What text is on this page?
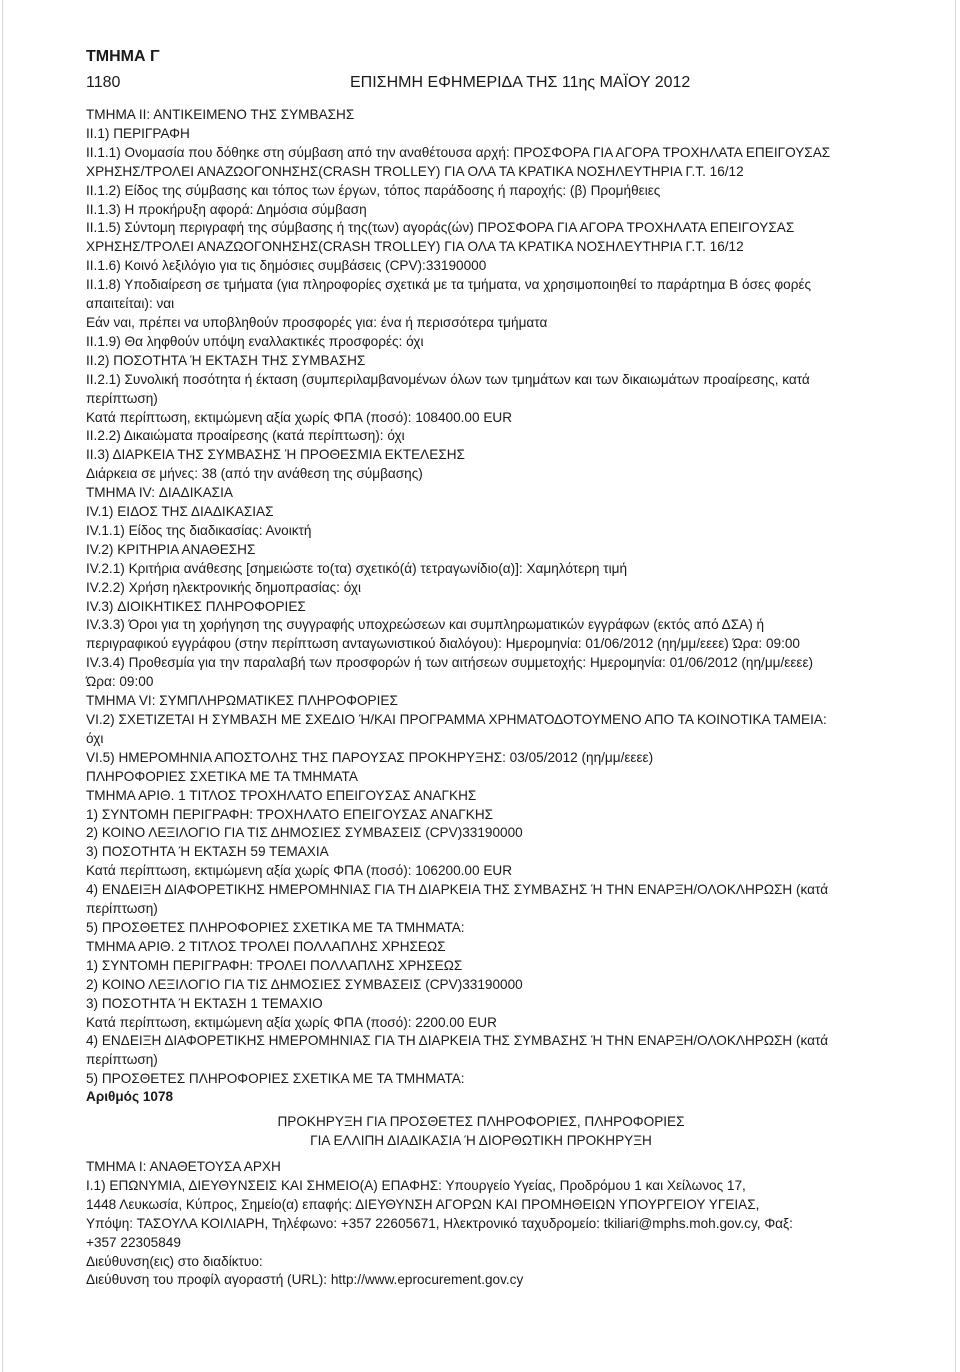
ΤΜΗΜΑ Γ
1180	ΕΠΙΣΗΜΗ ΕΦΗΜΕΡΙΔΑ ΤΗΣ 11ης ΜΑΪΟΥ 2012

ΤΜΗΜΑ ΙΙ: ΑΝΤΙΚΕΙΜΕΝΟ ΤΗΣ ΣΥΜΒΑΣΗΣ

ΙΙ.1) ΠΕΡΙΓΡΑΦΗ

ΙΙ.1.1) Ονομασία που δόθηκε στη σύμβαση από την αναθέτουσα αρχή: ΠΡΟΣΦΟΡΑ ΓΙΑ ΑΓΟΡΑ ΤΡΟΧΗΛΑΤΑ ΕΠΕΙΓΟΥΣΑΣ

ΧΡΗΣΗΣ/ΤΡΟΛΕΙ ΑΝΑΖΩΟΓΟΝΗΣΗΣ(CRASH TROLLEY) ΓΙΑ ΟΛΑ ΤΑ ΚΡΑΤΙΚΑ ΝΟΣΗΛΕΥΤΗΡΙΑ Γ.Τ. 16/12

ΙΙ.1.2) Είδος της σύμβασης και τόπος των έργων, τόπος παράδοσης ή παροχής: (β) Προμήθειες

ΙΙ.1.3) Η προκήρυξη αφορά: Δημόσια σύμβαση

ΙΙ.1.5) Σύντομη περιγραφή της σύμβασης ή της(των) αγοράς(ών) ΠΡΟΣΦΟΡΑ ΓΙΑ ΑΓΟΡΑ ΤΡΟΧΗΛΑΤΑ ΕΠΕΙΓΟΥΣΑΣ

ΧΡΗΣΗΣ/ΤΡΟΛΕΙ ΑΝΑΖΩΟΓΟΝΗΣΗΣ(CRASH TROLLEY) ΓΙΑ ΟΛΑ ΤΑ ΚΡΑΤΙΚΑ ΝΟΣΗΛΕΥΤΗΡΙΑ Γ.Τ. 16/12

ΙΙ.1.6) Κοινό λεξιλόγιο για τις δημόσιες συμβάσεις (CPV):33190000

ΙΙ.1.8) Υποδιαίρεση σε τμήματα (για πληροφορίες σχετικά με τα τμήματα, να χρησιμοποιηθεί το παράρτημα Β όσες φορές

απαιτείται): ναι

Εάν ναι, πρέπει να υποβληθούν προσφορές για: ένα ή περισσότερα τμήματα

ΙΙ.1.9) Θα ληφθούν υπόψη εναλλακτικές προσφορές: όχι

ΙΙ.2) ΠΟΣΟΤΗΤΑ Ή ΕΚΤΑΣΗ ΤΗΣ ΣΥΜΒΑΣΗΣ

ΙΙ.2.1) Συνολική ποσότητα ή έκταση (συμπεριλαμβανομένων όλων των τμημάτων και των δικαιωμάτων προαίρεσης, κατά

περίπτωση)

Κατά περίπτωση, εκτιμώμενη αξία χωρίς ΦΠΑ (ποσό): 108400.00 EUR

ΙΙ.2.2) Δικαιώματα προαίρεσης (κατά περίπτωση): όχι

ΙΙ.3) ΔΙΑΡΚΕΙΑ ΤΗΣ ΣΥΜΒΑΣΗΣ Ή ΠΡΟΘΕΣΜΙΑ ΕΚΤΕΛΕΣΗΣ

Διάρκεια σε μήνες: 38 (από την ανάθεση της σύμβασης)

ΤΜΗΜΑ IV: ΔΙΑΔΙΚΑΣΙΑ

IV.1) ΕΙΔΟΣ ΤΗΣ ΔΙΑΔΙΚΑΣΙΑΣ

IV.1.1) Είδος της διαδικασίας: Ανοικτή

IV.2) ΚΡΙΤΗΡΙΑ ΑΝΑΘΕΣΗΣ

IV.2.1) Κριτήρια ανάθεσης [σημειώστε το(τα) σχετικό(ά) τετραγωνίδιο(α)]: Χαμηλότερη τιμή

IV.2.2) Χρήση ηλεκτρονικής δημοπρασίας: όχι

IV.3) ΔΙΟΙΚΗΤΙΚΕΣ ΠΛΗΡΟΦΟΡΙΕΣ

IV.3.3) Όροι για τη χορήγηση της συγγραφής υποχρεώσεων και συμπληρωματικών εγγράφων (εκτός από ΔΣΑ) ή

περιγραφικού εγγράφου (στην περίπτωση ανταγωνιστικού διαλόγου): Ημερομηνία: 01/06/2012 (ηη/μμ/εεεε) Ώρα: 09:00

IV.3.4) Προθεσμία για την παραλαβή των προσφορών ή των αιτήσεων συμμετοχής: Ημερομηνία: 01/06/2012 (ηη/μμ/εεεε)

Ώρα: 09:00

ΤΜΗΜΑ VI: ΣΥΜΠΛΗΡΩΜΑΤΙΚΕΣ ΠΛΗΡΟΦΟΡΙΕΣ

VI.2) ΣΧΕΤΙΖΕΤΑΙ Η ΣΥΜΒΑΣΗ ΜΕ ΣΧΕΔΙΟ Ή/ΚΑΙ ΠΡΟΓΡΑΜΜΑ ΧΡΗΜΑΤΟΔΟΤΟΥΜΕΝΟ ΑΠΟ ΤΑ ΚΟΙΝΟΤΙΚΑ ΤΑΜΕΙΑ:

όχι

VI.5) ΗΜΕΡΟΜΗΝΙΑ ΑΠΟΣΤΟΛΗΣ ΤΗΣ ΠΑΡΟΥΣΑΣ ΠΡΟΚΗΡΥΞΗΣ: 03/05/2012 (ηη/μμ/εεεε)

ΠΛΗΡΟΦΟΡΙΕΣ ΣΧΕΤΙΚΑ ΜΕ ΤΑ ΤΜΗΜΑΤΑ

ΤΜΗΜΑ ΑΡΙΘ. 1 ΤΙΤΛΟΣ ΤΡΟΧΗΛΑΤΟ ΕΠΕΙΓΟΥΣΑΣ ΑΝΑΓΚΗΣ

1) ΣΥΝΤΟΜΗ ΠΕΡΙΓΡΑΦΗ: ΤΡΟΧΗΛΑΤΟ ΕΠΕΙΓΟΥΣΑΣ ΑΝΑΓΚΗΣ

2) ΚΟΙΝΟ ΛΕΞΙΛΟΓΙΟ ΓΙΑ ΤΙΣ ΔΗΜΟΣΙΕΣ ΣΥΜΒΑΣΕΙΣ (CPV)33190000

3) ΠΟΣΟΤΗΤΑ Ή ΕΚΤΑΣΗ 59 ΤΕΜΑΧΙΑ

Κατά περίπτωση, εκτιμώμενη αξία χωρίς ΦΠΑ (ποσό): 106200.00 EUR

4) ΕΝΔΕΙΞΗ ΔΙΑΦΟΡΕΤΙΚΗΣ ΗΜΕΡΟΜΗΝΙΑΣ ΓΙΑ ΤΗ ΔΙΑΡΚΕΙΑ ΤΗΣ ΣΥΜΒΑΣΗΣ Ή ΤΗΝ ΕΝΑΡΞΗ/ΟΛΟΚΛΗΡΩΣΗ (κατά

περίπτωση)

5) ΠΡΟΣΘΕΤΕΣ ΠΛΗΡΟΦΟΡΙΕΣ ΣΧΕΤΙΚΑ ΜΕ ΤΑ ΤΜΗΜΑΤΑ:

ΤΜΗΜΑ ΑΡΙΘ. 2 ΤΙΤΛΟΣ ΤΡΟΛΕΙ ΠΟΛΛΑΠΛΗΣ ΧΡΗΣΕΩΣ

1) ΣΥΝΤΟΜΗ ΠΕΡΙΓΡΑΦΗ: ΤΡΟΛΕΙ ΠΟΛΛΑΠΛΗΣ ΧΡΗΣΕΩΣ

2) ΚΟΙΝΟ ΛΕΞΙΛΟΓΙΟ ΓΙΑ ΤΙΣ ΔΗΜΟΣΙΕΣ ΣΥΜΒΑΣΕΙΣ (CPV)33190000

3) ΠΟΣΟΤΗΤΑ Ή ΕΚΤΑΣΗ 1 ΤΕΜΑΧΙΟ

Κατά περίπτωση, εκτιμώμενη αξία χωρίς ΦΠΑ (ποσό): 2200.00 EUR

4) ΕΝΔΕΙΞΗ ΔΙΑΦΟΡΕΤΙΚΗΣ ΗΜΕΡΟΜΗΝΙΑΣ ΓΙΑ ΤΗ ΔΙΑΡΚΕΙΑ ΤΗΣ ΣΥΜΒΑΣΗΣ Ή ΤΗΝ ΕΝΑΡΞΗ/ΟΛΟΚΛΗΡΩΣΗ (κατά

περίπτωση)

5) ΠΡΟΣΘΕΤΕΣ ΠΛΗΡΟΦΟΡΙΕΣ ΣΧΕΤΙΚΑ ΜΕ ΤΑ ΤΜΗΜΑΤΑ:

Αριθμός 1078

ΠΡΟΚΗΡΥΞΗ ΓΙΑ ΠΡΟΣΘΕΤΕΣ ΠΛΗΡΟΦΟΡΙΕΣ, ΠΛΗΡΟΦΟΡΙΕΣ

ΓΙΑ ΕΛΛΙΠΗ ΔΙΑΔΙΚΑΣΙΑ Ή ΔΙΟΡΘΩΤΙΚΗ ΠΡΟΚΗΡΥΞΗ

ΤΜΗΜΑ Ι: ΑΝΑΘΕΤΟΥΣΑ ΑΡΧΗ

Ι.1) ΕΠΩΝΥΜΙΑ, ΔΙΕΥΘΥΝΣΕΙΣ ΚΑΙ ΣΗΜΕΙΟ(Α) ΕΠΑΦΗΣ: Υπουργείο Υγείας, Προδρόμου 1 και Χείλωνος 17,

1448 Λευκωσία, Κύπρος, Σημείο(α) επαφής: ΔΙΕΥΘΥΝΣΗ ΑΓΟΡΩΝ ΚΑΙ ΠΡΟΜΗΘΕΙΩΝ ΥΠΟΥΡΓΕΙΟΥ ΥΓΕΙΑΣ,

Υπόψη: ΤΑΣΟΥΛΑ ΚΟΙΛΙΑΡΗ, Τηλέφωνο: +357 22605671, Ηλεκτρονικό ταχυδρομείο: tkiliari@mphs.moh.gov.cy, Φαξ:

+357 22305849

Διεύθυνση(εις) στο διαδίκτυο:

Διεύθυνση του προφίλ αγοραστή (URL): http://www.eprocurement.gov.cy
